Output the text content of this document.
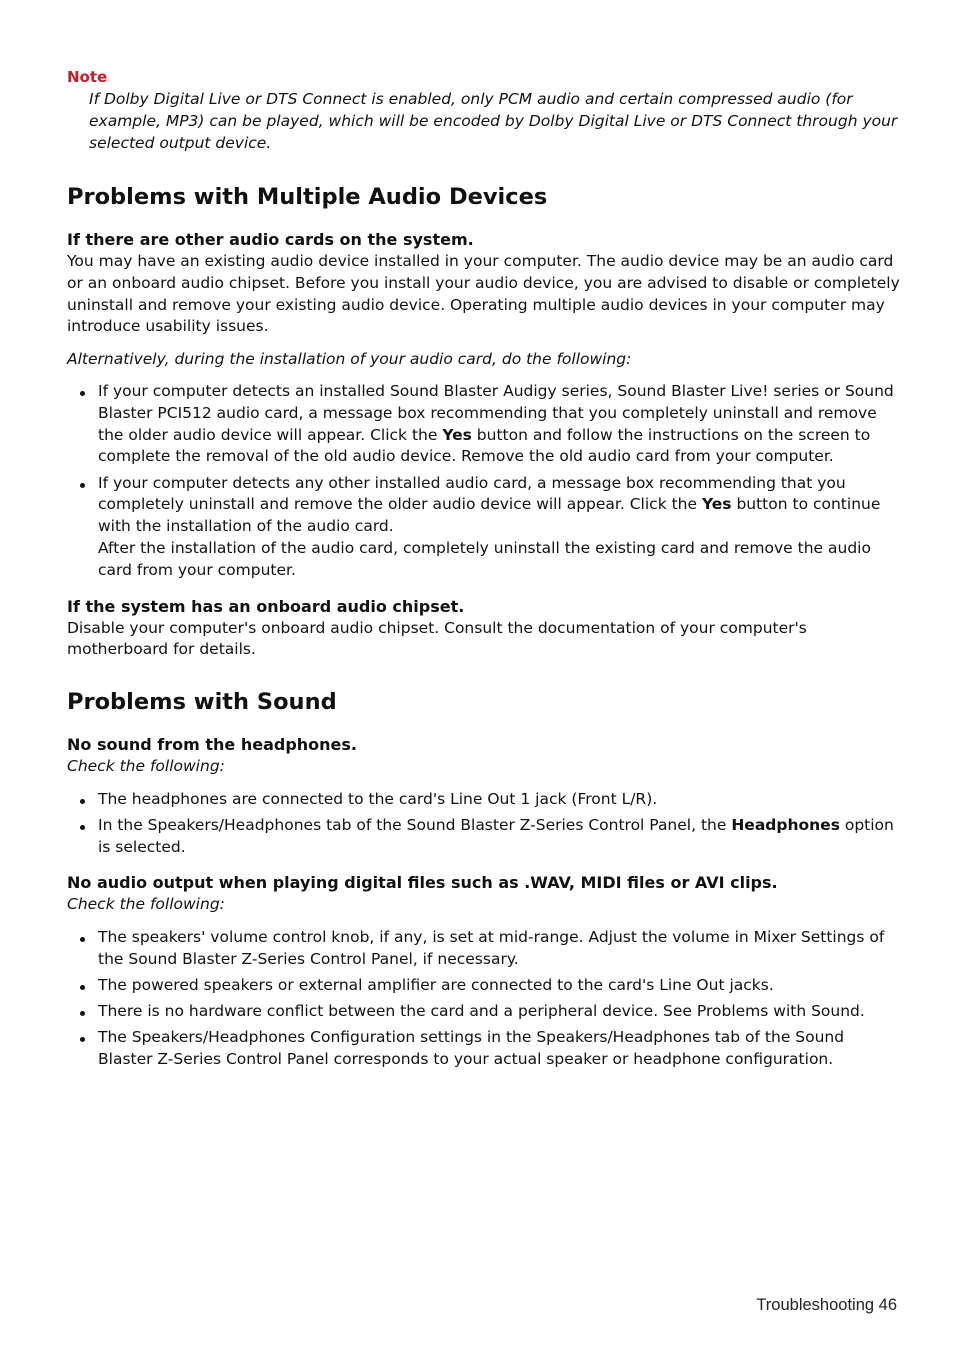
Note
If Dolby Digital Live or DTS Connect is enabled, only PCM audio and certain compressed audio (for example, MP3) can be played, which will be encoded by Dolby Digital Live or DTS Connect through your selected output device.
Problems with Multiple Audio Devices
If there are other audio cards on the system.

You may have an existing audio device installed in your computer. The audio device may be an audio card or an onboard audio chipset. Before you install your audio device, you are advised to disable or completely uninstall and remove your existing audio device. Operating multiple audio devices in your computer may introduce usability issues.

Alternatively, during the installation of your audio card, do the following:

If your computer detects an installed Sound Blaster Audigy series, Sound Blaster Live! series or Sound Blaster PCI512 audio card, a message box recommending that you completely uninstall and remove the older audio device will appear. Click the Yes button and follow the instructions on the screen to complete the removal of the old audio device. Remove the old audio card from your computer.
If your computer detects any other installed audio card, a message box recommending that you completely uninstall and remove the older audio device will appear. Click the Yes button to continue with the installation of the audio card.
After the installation of the audio card, completely uninstall the existing card and remove the audio card from your computer.
If the system has an onboard audio chipset.

Disable your computer's onboard audio chipset. Consult the documentation of your computer's motherboard for details.

Problems with Sound
No sound from the headphones.

Check the following:

The headphones are connected to the card's Line Out 1 jack (Front L/R).
In the Speakers/Headphones tab of the Sound Blaster Z-Series Control Panel, the Headphones option is selected.
No audio output when playing digital files such as .WAV, MIDI files or AVI clips.

Check the following:

The speakers' volume control knob, if any, is set at mid-range. Adjust the volume in Mixer Settings of the Sound Blaster Z-Series Control Panel, if necessary.
The powered speakers or external amplifier are connected to the card's Line Out jacks.
There is no hardware conflict between the card and a peripheral device. See Problems with Sound.
The Speakers/Headphones Configuration settings in the Speakers/Headphones tab of the Sound Blaster Z-Series Control Panel corresponds to your actual speaker or headphone configuration.
Troubleshooting 46
